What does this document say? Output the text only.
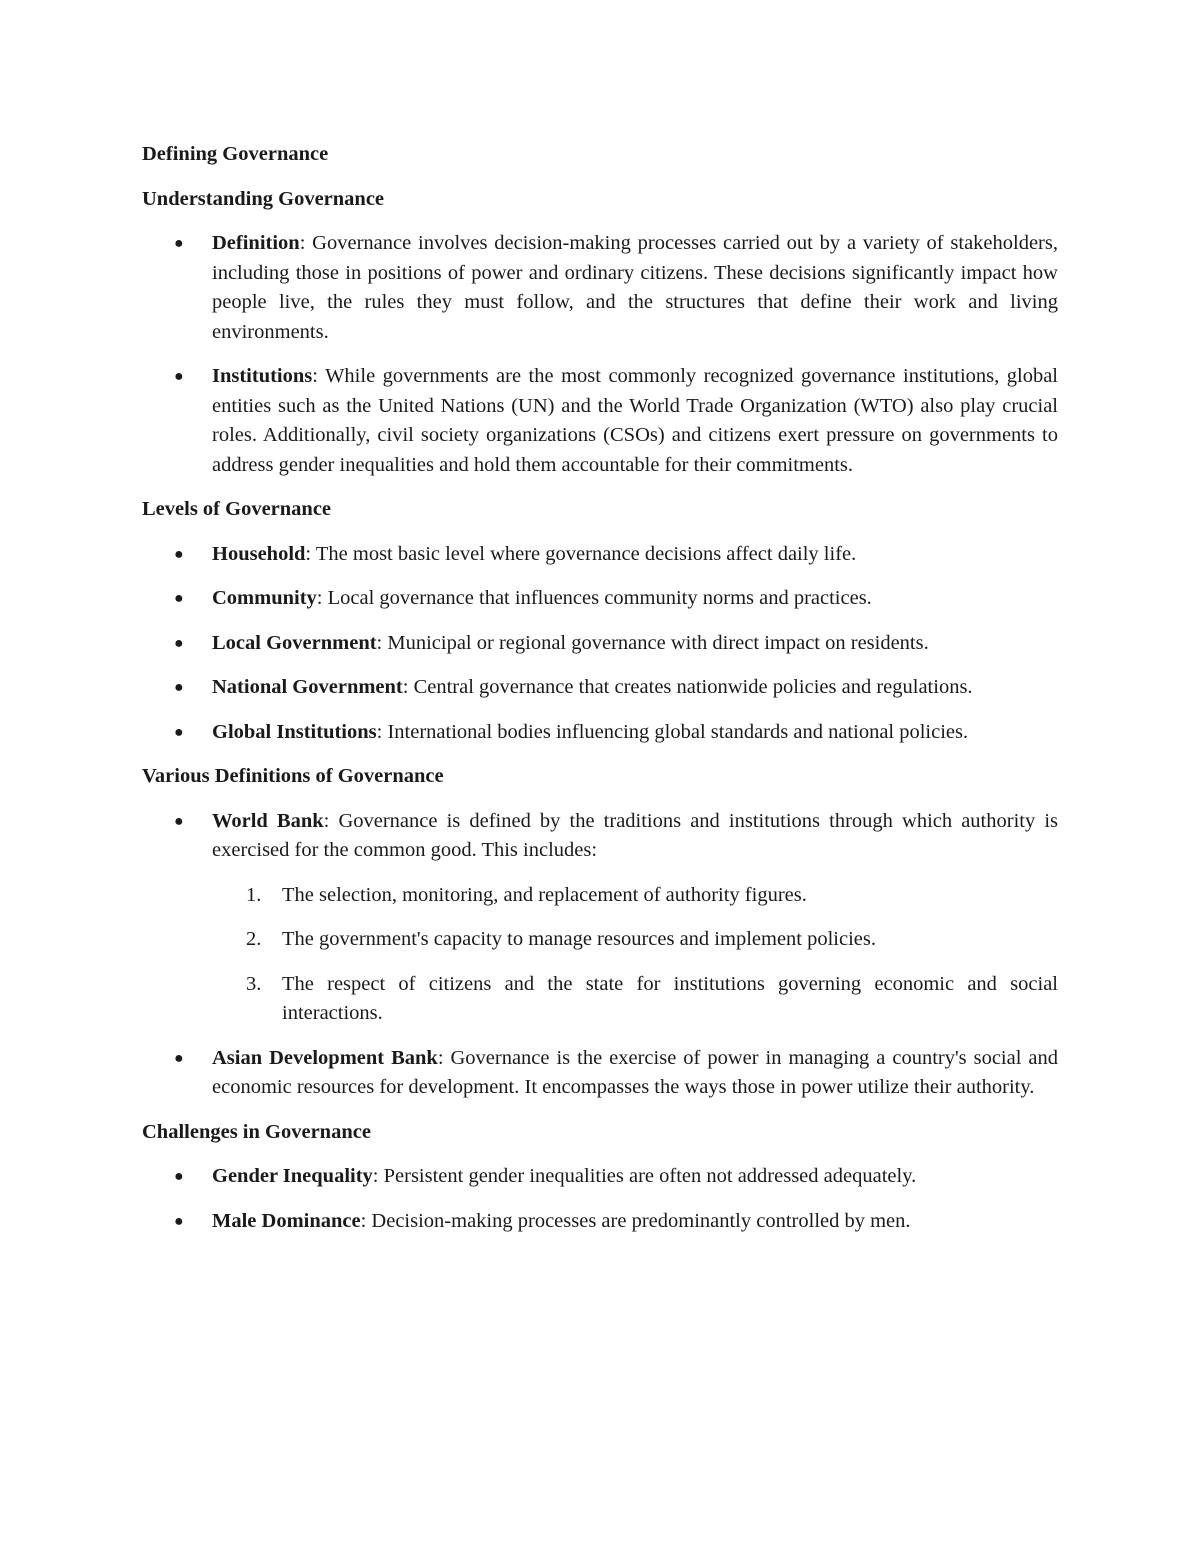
Defining Governance
Understanding Governance
● Definition: Governance involves decision-making processes carried out by a variety of stakeholders, including those in positions of power and ordinary citizens. These decisions significantly impact how people live, the rules they must follow, and the structures that define their work and living environments.
● Institutions: While governments are the most commonly recognized governance institutions, global entities such as the United Nations (UN) and the World Trade Organization (WTO) also play crucial roles. Additionally, civil society organizations (CSOs) and citizens exert pressure on governments to address gender inequalities and hold them accountable for their commitments.
Levels of Governance
● Household: The most basic level where governance decisions affect daily life.
● Community: Local governance that influences community norms and practices.
● Local Government: Municipal or regional governance with direct impact on residents.
● National Government: Central governance that creates nationwide policies and regulations.
● Global Institutions: International bodies influencing global standards and national policies.
Various Definitions of Governance
● World Bank: Governance is defined by the traditions and institutions through which authority is exercised for the common good. This includes:
1. The selection, monitoring, and replacement of authority figures.
2. The government's capacity to manage resources and implement policies.
3. The respect of citizens and the state for institutions governing economic and social interactions.
● Asian Development Bank: Governance is the exercise of power in managing a country's social and economic resources for development. It encompasses the ways those in power utilize their authority.
Challenges in Governance
● Gender Inequality: Persistent gender inequalities are often not addressed adequately.
● Male Dominance: Decision-making processes are predominantly controlled by men.
